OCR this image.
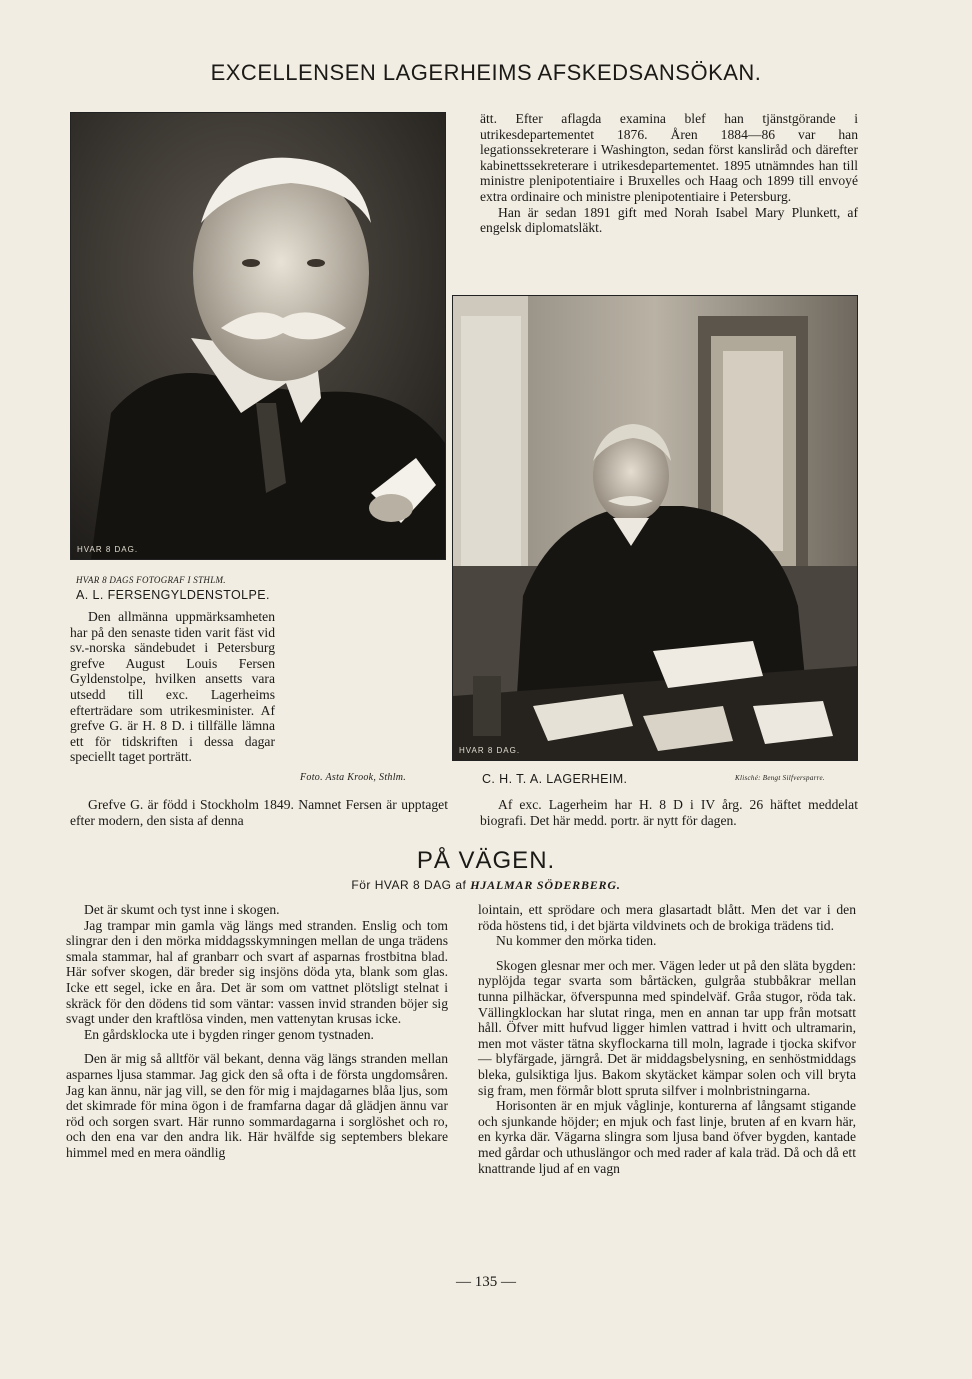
EXCELLENSEN LAGERHEIMS AFSKEDSANSÖKAN.
HVAR 8 DAG.
HVAR 8 DAG.

ätt. Efter aflagda examina blef han tjänstgörande i utrikesdepartementet 1876. Åren 1884—86 var han legationssekreterare i Washington, sedan först kansliråd och därefter kabinettssekreterare i utrikesdepartementet. 1895 utnämndes han till ministre plenipotentiaire i Bruxelles och Haag och 1899 till envoyé extra ordinaire och ministre plenipotentiaire i Petersburg.

Han är sedan 1891 gift med Norah Isabel Mary Plunkett, af engelsk diplomatsläkt.

HVAR 8 DAGS FOTOGRAF I STHLM.
A. L. FERSENGYLDENSTOLPE.

Den allmänna uppmärksamheten har på den senaste tiden varit fäst vid sv.-norska sändebudet i Petersburg grefve August Louis Fersen Gyldenstolpe, hvilken ansetts vara utsedd till exc. Lagerheims efterträdare som utrikesminister. Af grefve G. är H. 8 D. i tillfälle lämna ett för tidskriften i dessa dagar speciellt taget porträtt.

Foto. Asta Krook, Sthlm.	C. H. T. A. LAGERHEIM.	Klisché: Bengt Silfversparre.

Grefve G. är född i Stockholm 1849. Namnet Fersen är upptaget efter modern, den sista af denna

Af exc. Lagerheim har H. 8 D i IV årg. 26 häftet meddelat biografi. Det här medd. portr. är nytt för dagen.

PÅ VÄGEN.
För HVAR 8 DAG af HJALMAR SÖDERBERG.

Det är skumt och tyst inne i skogen.

Jag trampar min gamla väg längs med stranden. Enslig och tom slingrar den i den mörka middagsskymningen mellan de unga trädens smala stammar, hal af granbarr och svart af asparnas frostbitna blad. Här sofver skogen, där breder sig insjöns döda yta, blank som glas. Icke ett segel, icke en åra. Det är som om vattnet plötsligt stelnat i skräck för den dödens tid som väntar: vassen invid stranden böjer sig svagt under den kraftlösa vinden, men vattenytan krusas icke.

En gårdsklocka ute i bygden ringer genom tystnaden.

Den är mig så alltför väl bekant, denna väg längs stranden mellan asparnes ljusa stammar. Jag gick den så ofta i de första ungdomsåren. Jag kan ännu, när jag vill, se den för mig i majdagarnes blåa ljus, som det skimrade för mina ögon i de framfarna dagar då glädjen ännu var röd och sorgen svart. Här runno sommardagarna i sorglöshet och ro, och den ena var den andra lik. Här hvälfde sig septembers blekare himmel med en mera oändlig

lointain, ett sprödare och mera glasartadt blått. Men det var i den röda höstens tid, i det bjärta vildvinets och de brokiga trädens tid.

Nu kommer den mörka tiden.

Skogen glesnar mer och mer. Vägen leder ut på den släta bygden: nyplöjda tegar svarta som bårtäcken, gulgråa stubbåkrar mellan tunna pilhäckar, öfverspunna med spindelväf. Gråa stugor, röda tak. Vällingklockan har slutat ringa, men en annan tar upp från motsatt håll. Öfver mitt hufvud ligger himlen vattrad i hvitt och ultramarin, men mot väster tätna skyflockarna till moln, lagrade i tjocka skifvor — blyfärgade, järngrå. Det är middagsbelysning, en senhöstmiddags bleka, gulsiktiga ljus. Bakom skytäcket kämpar solen och vill bryta sig fram, men förmår blott spruta silfver i molnbristningarna.

Horisonten är en mjuk våglinje, konturerna af långsamt stigande och sjunkande höjder; en mjuk och fast linje, bruten af en kvarn här, en kyrka där. Vägarna slingra som ljusa band öfver bygden, kantade med gårdar och uthuslängor och med rader af kala träd. Då och då ett knattrande ljud af en vagn

— 135 —
